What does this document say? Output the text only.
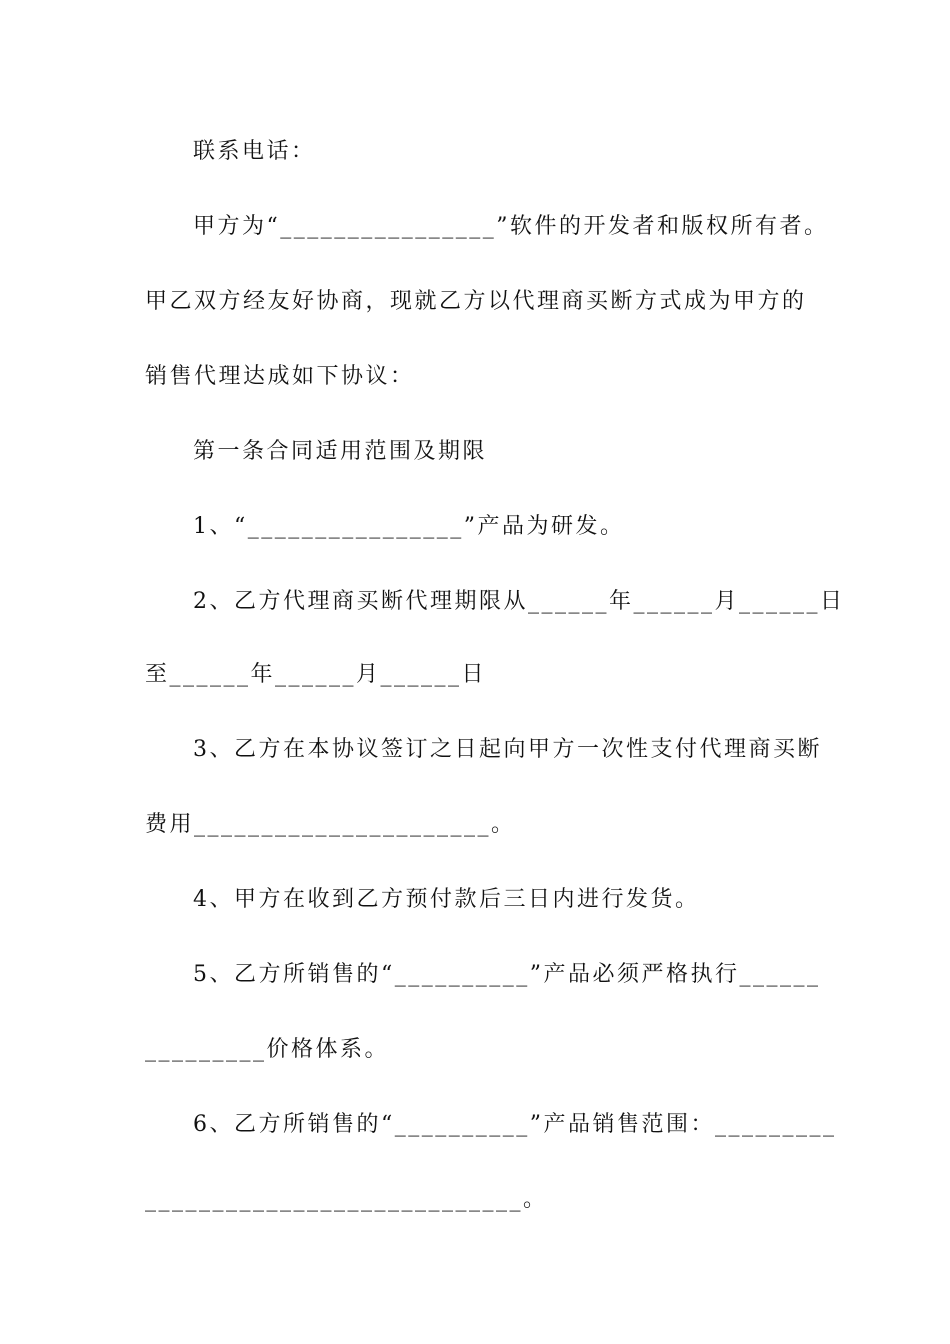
联系电话：
甲方为“________________”软件的开发者和版权所有者。
甲乙双方经友好协商，现就乙方以代理商买断方式成为甲方的
销售代理达成如下协议：
第一条合同适用范围及期限
1、“________________”产品为研发。
2、乙方代理商买断代理期限从______年______月______日
至______年______月______日
3、乙方在本协议签订之日起向甲方一次性支付代理商买断
费用______________________。
4、甲方在收到乙方预付款后三日内进行发货。
5、乙方所销售的“__________”产品必须严格执行______
_________价格体系。
6、乙方所销售的“__________”产品销售范围：_________
____________________________。
